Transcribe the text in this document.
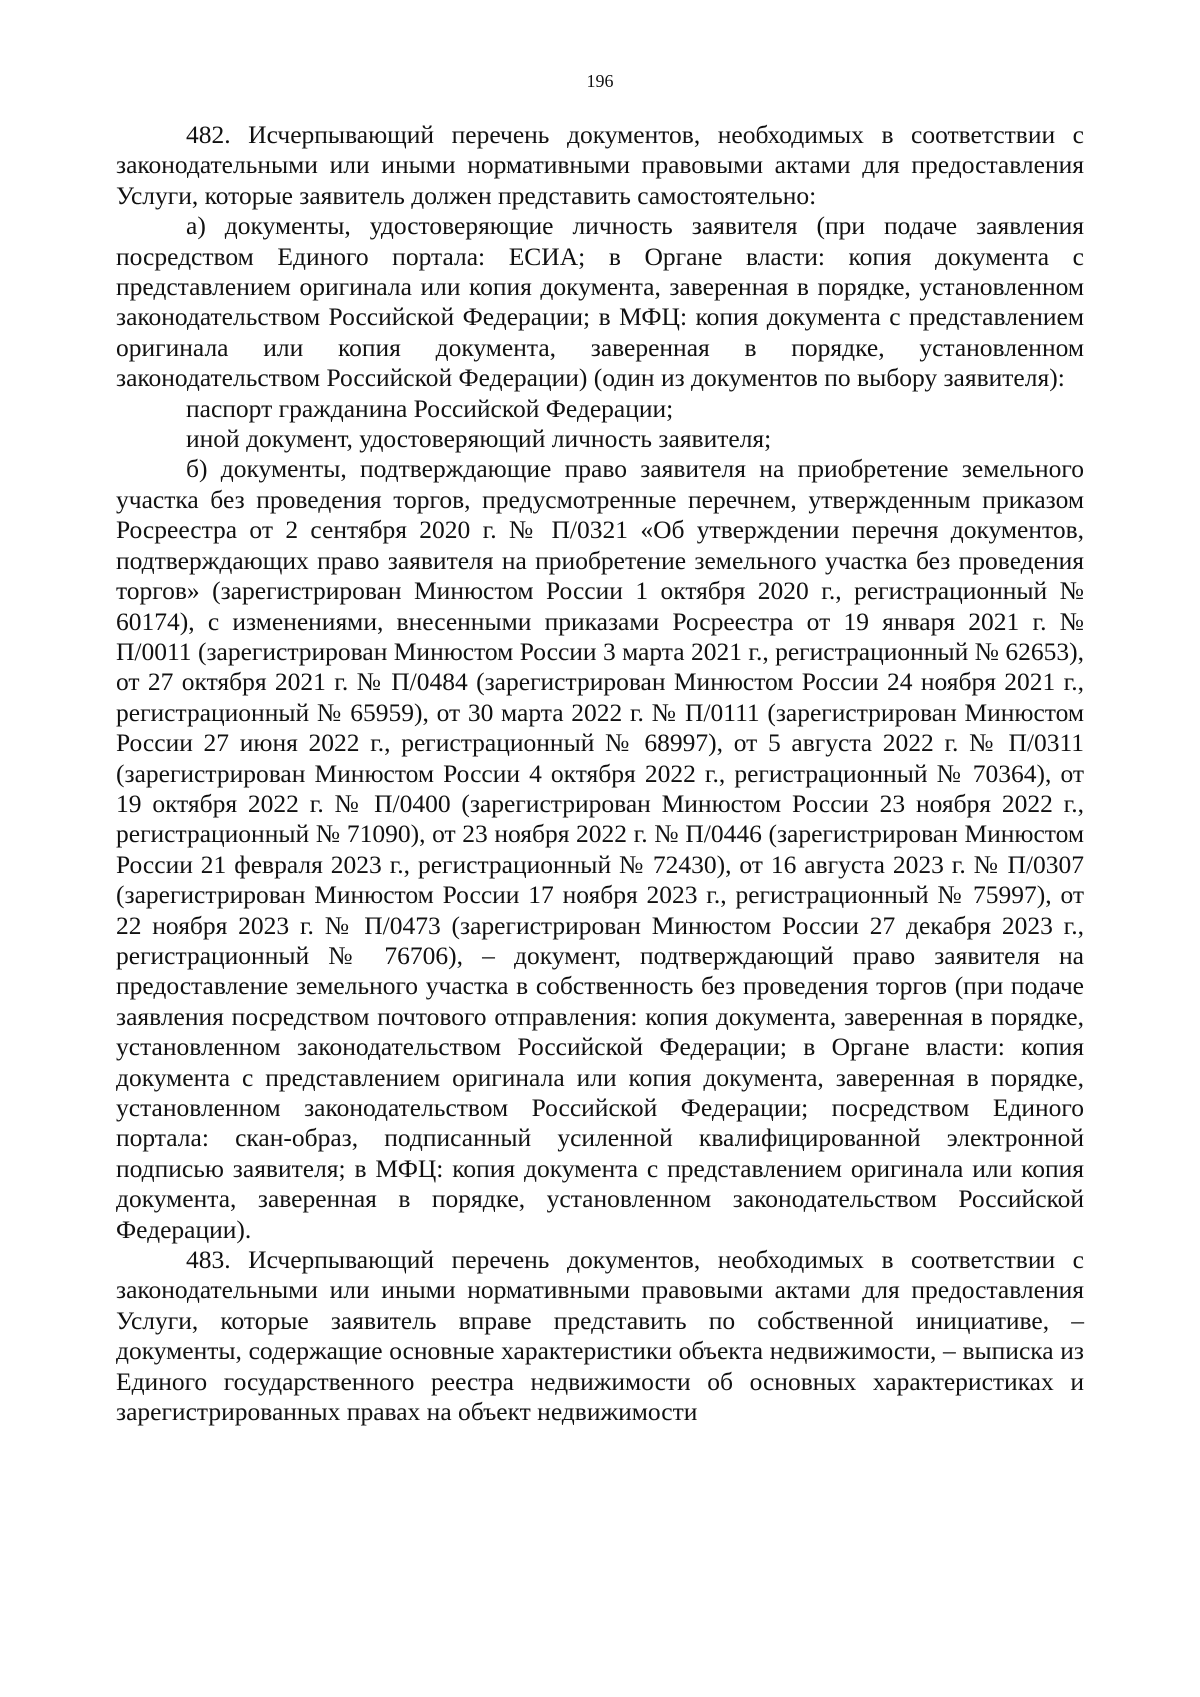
196

482. Исчерпывающий перечень документов, необходимых в соответствии с законодательными или иными нормативными правовыми актами для предоставления Услуги, которые заявитель должен представить самостоятельно:

а) документы, удостоверяющие личность заявителя (при подаче заявления посредством Единого портала: ЕСИА; в Органе власти: копия документа с представлением оригинала или копия документа, заверенная в порядке, установленном законодательством Российской Федерации; в МФЦ: копия документа с представлением оригинала или копия документа, заверенная в порядке, установленном законодательством Российской Федерации) (один из документов по выбору заявителя):

паспорт гражданина Российской Федерации;

иной документ, удостоверяющий личность заявителя;

б) документы, подтверждающие право заявителя на приобретение земельного участка без проведения торгов, предусмотренные перечнем, утвержденным приказом Росреестра от 2 сентября 2020 г. № П/0321 «Об утверждении перечня документов, подтверждающих право заявителя на приобретение земельного участка без проведения торгов» (зарегистрирован Минюстом России 1 октября 2020 г., регистрационный № 60174), с изменениями, внесенными приказами Росреестра от 19 января 2021 г. № П/0011 (зарегистрирован Минюстом России 3 марта 2021 г., регистрационный № 62653), от 27 октября 2021 г. № П/0484 (зарегистрирован Минюстом России 24 ноября 2021 г., регистрационный № 65959), от 30 марта 2022 г. № П/0111 (зарегистрирован Минюстом России 27 июня 2022 г., регистрационный № 68997), от 5 августа 2022 г. № П/0311 (зарегистрирован Минюстом России 4 октября 2022 г., регистрационный № 70364), от 19 октября 2022 г. № П/0400 (зарегистрирован Минюстом России 23 ноября 2022 г., регистрационный № 71090), от 23 ноября 2022 г. № П/0446 (зарегистрирован Минюстом России 21 февраля 2023 г., регистрационный № 72430), от 16 августа 2023 г. № П/0307 (зарегистрирован Минюстом России 17 ноября 2023 г., регистрационный № 75997), от 22 ноября 2023 г. № П/0473 (зарегистрирован Минюстом России 27 декабря 2023 г., регистрационный № 76706), – документ, подтверждающий право заявителя на предоставление земельного участка в собственность без проведения торгов (при подаче заявления посредством почтового отправления: копия документа, заверенная в порядке, установленном законодательством Российской Федерации; в Органе власти: копия документа с представлением оригинала или копия документа, заверенная в порядке, установленном законодательством Российской Федерации; посредством Единого портала: скан-образ, подписанный усиленной квалифицированной электронной подписью заявителя; в МФЦ: копия документа с представлением оригинала или копия документа, заверенная в порядке, установленном законодательством Российской Федерации).

483. Исчерпывающий перечень документов, необходимых в соответствии с законодательными или иными нормативными правовыми актами для предоставления Услуги, которые заявитель вправе представить по собственной инициативе, – документы, содержащие основные характеристики объекта недвижимости, – выписка из Единого государственного реестра недвижимости об основных характеристиках и зарегистрированных правах на объект недвижимости
